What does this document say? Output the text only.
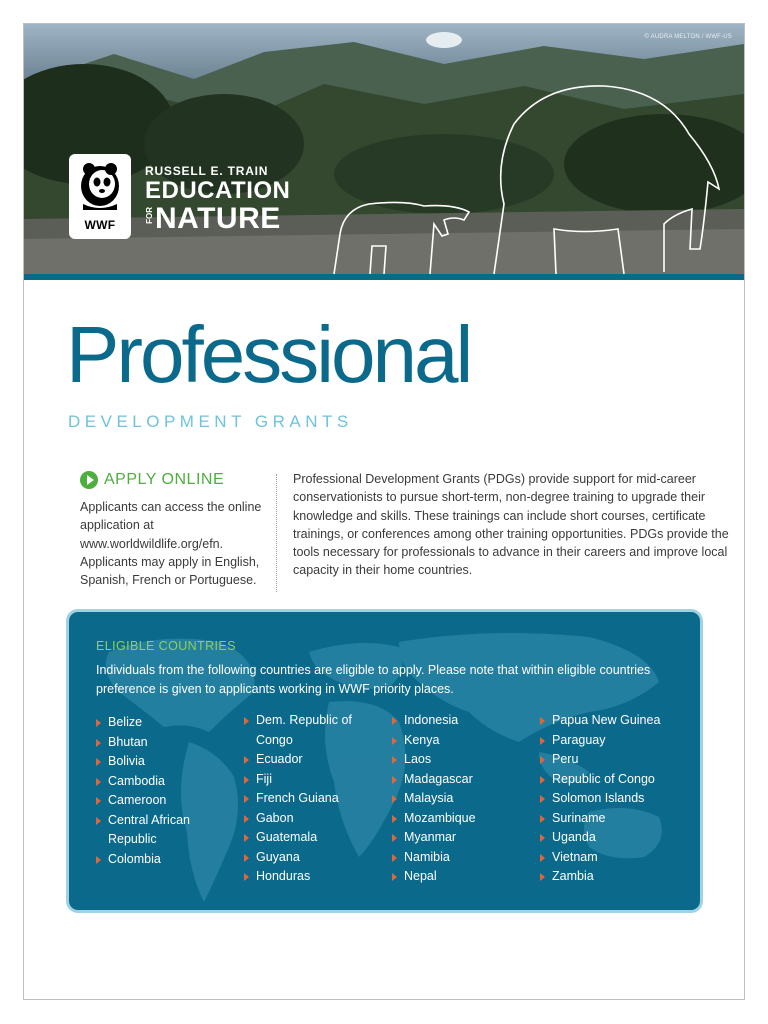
© AUDRA MELTON / WWF-US
WWF
RUSSELL E. TRAIN
EDUCATION
FOR NATURE
Professional
DEVELOPMENT GRANTS
APPLY ONLINE
Applicants can access the online application at www.worldwildlife.org/efn. Applicants may apply in English, Spanish, French or Portuguese.
Professional Development Grants (PDGs) provide support for mid-career conservationists to pursue short-term, non-degree training to upgrade their knowledge and skills. These trainings can include short courses, certificate trainings, or conferences among other training opportunities. PDGs provide the tools necessary for professionals to advance in their careers and improve local capacity in their home countries.
ELIGIBLE COUNTRIES
Individuals from the following countries are eligible to apply. Please note that within eligible countries preference is given to applicants working in WWF priority places.
Belize
Bhutan
Bolivia
Cambodia
Cameroon
Central African Republic
Colombia
Dem. Republic of Congo
Ecuador
Fiji
French Guiana
Gabon
Guatemala
Guyana
Honduras
Indonesia
Kenya
Laos
Madagascar
Malaysia
Mozambique
Myanmar
Namibia
Nepal
Papua New Guinea
Paraguay
Peru
Republic of Congo
Solomon Islands
Suriname
Uganda
Vietnam
Zambia
